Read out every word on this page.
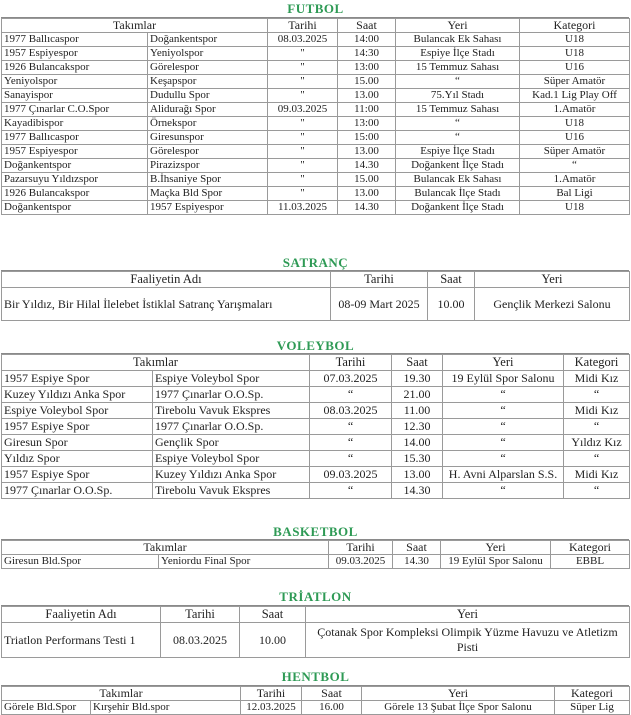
FUTBOL
Takımlar		Tarihi	Saat	Yeri	Kategori
1977 Ballıcaspor	Doğankentspor	08.03.2025	14:00	Bulancak Ek Sahası	U18
1957 Espiyespor	Yeniyolspor	"	14:30	Espiye İlçe Stadı	U18
1926 Bulancakspor	Görelespor	"	13:00	15 Temmuz Sahası	U16
Yeniyolspor	Keşapspor	"	15.00	“	Süper Amatör
Sanayispor	Dudullu Spor	"	13.00	75.Yıl Stadı	Kad.1 Lig Play Off
1977 Çınarlar C.O.Spor	Alidurağı Spor	09.03.2025	11:00	15 Temmuz Sahası	1.Amatör
Kayadibispor	Örnekspor	"	13:00	“	U18
1977 Ballıcaspor	Giresunspor	"	15:00	“	U16
1957 Espiyespor	Görelespor	"	13.00	Espiye İlçe Stadı	Süper Amatör
Doğankentspor	Pirazizspor	"	14.30	Doğankent İlçe Stadı	“
Pazarsuyu Yıldızspor	B.İhsaniye Spor	"	15.00	Bulancak Ek Sahası	1.Amatör
1926 Bulancakspor	Maçka Bld Spor	"	13.00	Bulancak İlçe Stadı	Bal Ligi
Doğankentspor	1957 Espiyespor	11.03.2025	14.30	Doğankent İlçe Stadı	U18
SATRANÇ
Faaliyetin Adı	Tarihi	Saat	Yeri
Bir Yıldız, Bir Hilal İlelebet İstiklal Satranç Yarışmaları	08-09 Mart 2025	10.00	Gençlik Merkezi Salonu
VOLEYBOL
Takımlar		Tarihi	Saat	Yeri	Kategori
1957 Espiye Spor	Espiye Voleybol Spor	07.03.2025	19.30	19 Eylül Spor Salonu	Midi Kız
Kuzey Yıldızı Anka Spor	1977 Çınarlar O.O.Sp.	“	21.00	“	“
Espiye Voleybol Spor	Tirebolu Vavuk Ekspres	08.03.2025	11.00	“	Midi Kız
1957 Espiye Spor	1977 Çınarlar O.O.Sp.	“	12.30	“	“
Giresun Spor	Gençlik Spor	“	14.00	“	Yıldız Kız
Yıldız Spor	Espiye Voleybol Spor	“	15.30	“	“
1957 Espiye Spor	Kuzey Yıldızı Anka Spor	09.03.2025	13.00	H. Avni Alparslan S.S.	Midi Kız
1977 Çınarlar O.O.Sp.	Tirebolu Vavuk Ekspres	“	14.30	“	“
BASKETBOL
Takımlar		Tarihi	Saat	Yeri	Kategori
Giresun Bld.Spor	Yeniordu Final Spor	09.03.2025	14.30	19 Eylül Spor Salonu	EBBL
TRİATLON
Faaliyetin Adı	Tarihi	Saat	Yeri
Triatlon Performans Testi 1	08.03.2025	10.00	Çotanak Spor Kompleksi Olimpik Yüzme Havuzu ve Atletizm Pisti
HENTBOL
Takımlar		Tarihi	Saat	Yeri	Kategori
Görele Bld.Spor	Kırşehir Bld.spor	12.03.2025	16.00	Görele 13 Şubat İlçe Spor Salonu	Süper Lig
